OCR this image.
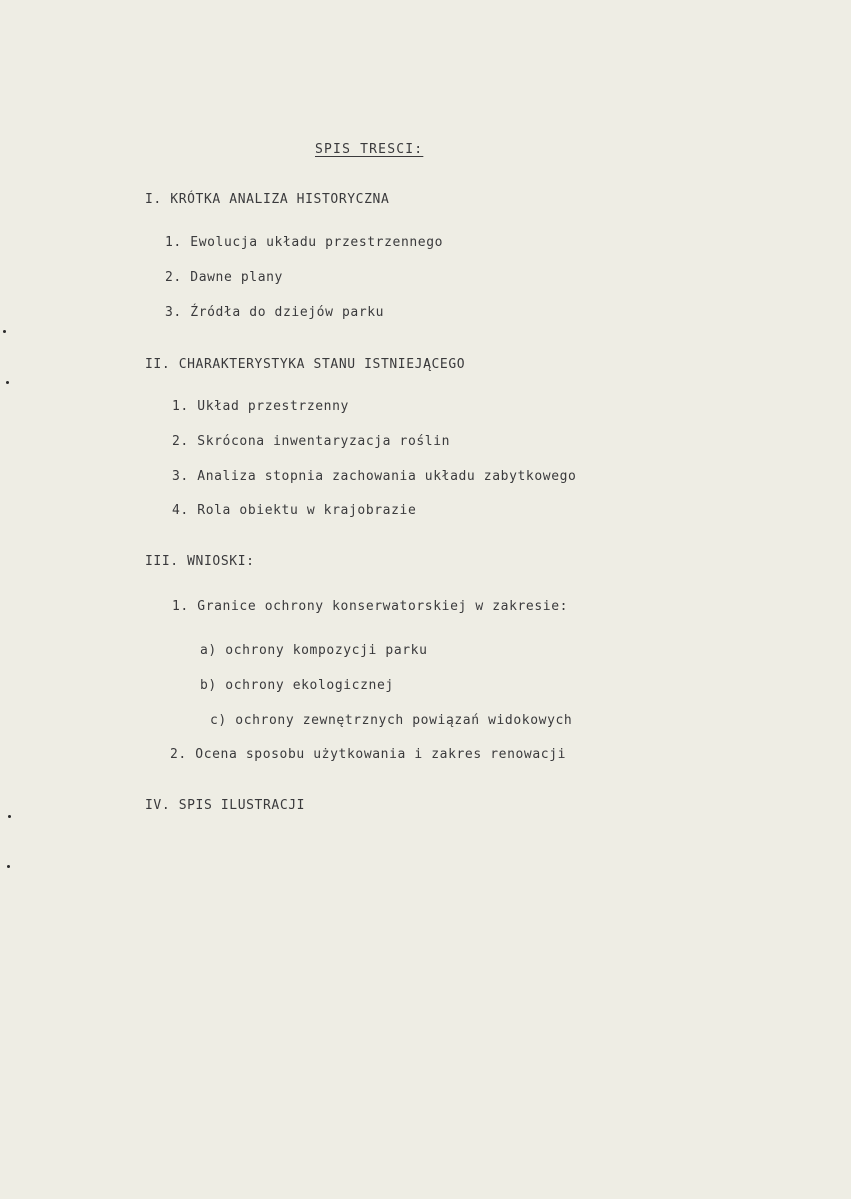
SPIS TRESCI:
I. KRÓTKA ANALIZA HISTORYCZNA
1. Ewolucja układu przestrzennego
2. Dawne plany
3. Źródła do dziejów parku
II. CHARAKTERYSTYKA STANU ISTNIEJĄCEGO
1. Układ przestrzenny
2. Skrócona inwentaryzacja roślin
3. Analiza stopnia zachowania układu zabytkowego
4. Rola obiektu w krajobrazie
III. WNIOSKI:
1. Granice ochrony konserwatorskiej w zakresie:
a) ochrony kompozycji parku
b) ochrony ekologicznej
c) ochrony zewnętrznych powiązań widokowych
2. Ocena sposobu użytkowania i zakres renowacji
IV. SPIS ILUSTRACJI
